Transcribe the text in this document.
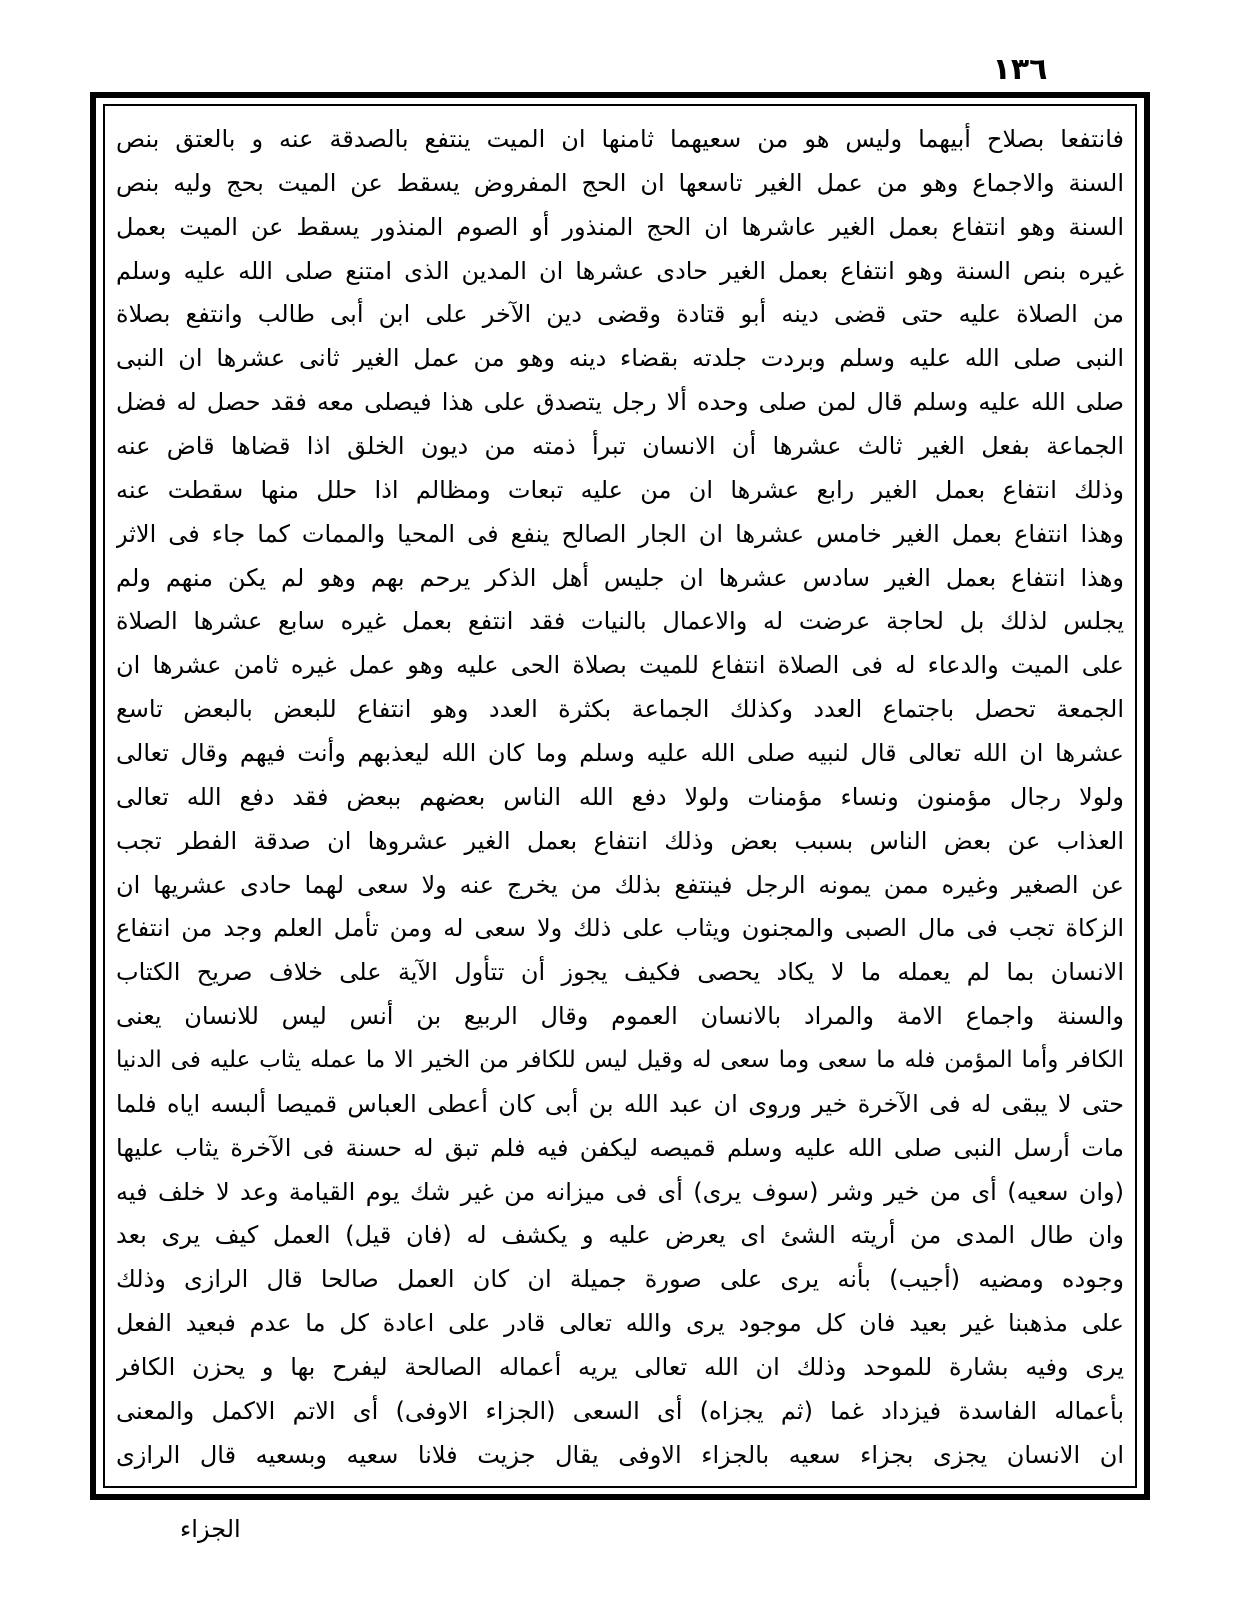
١٣٦
فانتفعا بصلاح أبيهما وليس هو من سعيهما ثامنها ان الميت ينتفع بالصدقة عنه و بالعتق بنص
السنة والاجماع وهو من عمل الغير تاسعها ان الحج المفروض يسقط عن الميت بحج وليه بنص
السنة وهو انتفاع بعمل الغير عاشرها ان الحج المنذور أو الصوم المنذور يسقط عن الميت بعمل
غيره بنص السنة وهو انتفاع بعمل الغير حادى عشرها ان المدين الذى امتنع صلى الله عليه وسلم
من الصلاة عليه حتى قضى دينه أبو قتادة وقضى دين الآخر على ابن أبى طالب وانتفع بصلاة
النبى صلى الله عليه وسلم وبردت جلدته بقضاء دينه وهو من عمل الغير ثانى عشرها ان النبى
صلى الله عليه وسلم قال لمن صلى وحده ألا رجل يتصدق على هذا فيصلى معه فقد حصل له فضل
الجماعة بفعل الغير ثالث عشرها أن الانسان تبرأ ذمته من ديون الخلق اذا قضاها قاض عنه
وذلك انتفاع بعمل الغير رابع عشرها ان من عليه تبعات ومظالم اذا حلل منها سقطت عنه
وهذا انتفاع بعمل الغير خامس عشرها ان الجار الصالح ينفع فى المحيا والممات كما جاء فى الاثر
وهذا انتفاع بعمل الغير سادس عشرها ان جليس أهل الذكر يرحم بهم وهو لم يكن منهم ولم
يجلس لذلك بل لحاجة عرضت له والاعمال بالنيات فقد انتفع بعمل غيره سابع عشرها الصلاة
على الميت والدعاء له فى الصلاة انتفاع للميت بصلاة الحى عليه وهو عمل غيره ثامن عشرها ان
الجمعة تحصل باجتماع العدد وكذلك الجماعة بكثرة العدد وهو انتفاع للبعض بالبعض تاسع
عشرها ان الله تعالى قال لنبيه صلى الله عليه وسلم وما كان الله ليعذبهم وأنت فيهم وقال تعالى
ولولا رجال مؤمنون ونساء مؤمنات ولولا دفع الله الناس بعضهم ببعض فقد دفع الله تعالى
العذاب عن بعض الناس بسبب بعض وذلك انتفاع بعمل الغير عشروها ان صدقة الفطر تجب
عن الصغير وغيره ممن يمونه الرجل فينتفع بذلك من يخرج عنه ولا سعى لهما حادى عشريها ان
الزكاة تجب فى مال الصبى والمجنون ويثاب على ذلك ولا سعى له ومن تأمل العلم وجد من انتفاع
الانسان بما لم يعمله ما لا يكاد يحصى فكيف يجوز أن تتأول الآية على خلاف صريح الكتاب
والسنة واجماع الامة والمراد بالانسان العموم وقال الربيع بن أنس ليس للانسان يعنى
الكافر وأما المؤمن فله ما سعى وما سعى له وقيل ليس للكافر من الخير الا ما عمله يثاب عليه فى الدنيا
حتى لا يبقى له فى الآخرة خير وروى ان عبد الله بن أبى كان أعطى العباس قميصا ألبسه اياه فلما
مات أرسل النبى صلى الله عليه وسلم قميصه ليكفن فيه فلم تبق له حسنة فى الآخرة يثاب عليها
(وان سعيه) أى من خير وشر (سوف يرى) أى فى ميزانه من غير شك يوم القيامة وعد لا خلف فيه
وان طال المدى من أريته الشئ اى يعرض عليه و يكشف له (فان قيل) العمل كيف يرى بعد
وجوده ومضيه (أجيب) بأنه يرى على صورة جميلة ان كان العمل صالحا قال الرازى وذلك
على مذهبنا غير بعيد فان كل موجود يرى والله تعالى قادر على اعادة كل ما عدم فبعيد الفعل
يرى وفيه بشارة للموحد وذلك ان الله تعالى يريه أعماله الصالحة ليفرح بها و يحزن الكافر
بأعماله الفاسدة فيزداد غما (ثم يجزاه) أى السعى (الجزاء الاوفى) أى الاتم الاكمل والمعنى
ان الانسان يجزى بجزاء سعيه بالجزاء الاوفى يقال جزيت فلانا سعيه وبسعيه قال الرازى
الجزاء
